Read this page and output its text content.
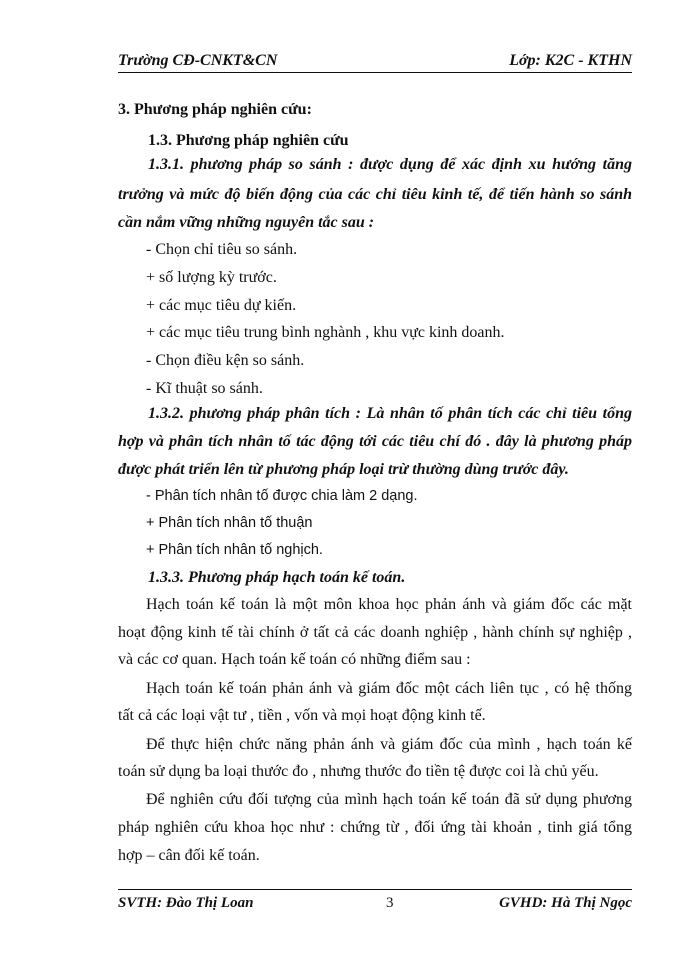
Trường CĐ-CNKT&CN	Lớp: K2C - KTHN
3. Phương pháp nghiên cứu:
1.3. Phương pháp nghiên cứu
1.3.1. phương pháp so sánh : được dụng để xác định xu hướng tăng
trưởng và mức độ biến động của các chỉ tiêu kinh tế, để tiến hành so sánh
cần nắm vững những nguyên tắc sau :
- Chọn chỉ tiêu so sánh.
+ số lượng kỳ trước.
+ các mục tiêu dự kiến.
+ các mục tiêu trung bình nghành , khu vực kinh doanh.
- Chọn điều kện so sánh.
- Kĩ thuật so sánh.
1.3.2. phương pháp phân tích : Là nhân tố phân tích các chỉ tiêu tổng
hợp và phân tích nhân tố tác động tới các tiêu chí đó . đây là phương pháp
được phát triển lên từ phương pháp loại trừ thường dùng trước đây.
- Phân tích nhân tố được chia làm 2 dạng.
+ Phân tích nhân tố thuận
+ Phân tích nhân tố nghịch.
1.3.3. Phương pháp hạch toán kế toán.
Hạch toán kế toán là một môn khoa học phản ánh và giám đốc các mặt
hoạt động kinh tế tài chính ở tất cả các doanh nghiệp , hành chính sự nghiệp ,
và các cơ quan. Hạch toán kế toán có những điểm sau :
Hạch toán kế toán phản ánh và giám đốc một cách liên tục , có hệ thống
tất cả các loại vật tư , tiền , vốn và mọi hoạt động kinh tế.
Để thực hiện chức năng phản ánh và giám đốc của mình , hạch toán kế
toán sử dụng ba loại thước đo , nhưng thước đo tiền tệ được coi là chủ yếu.
Để nghiên cứu đối tượng của mình hạch toán kế toán đã sử dụng phương
pháp nghiên cứu khoa học như : chứng từ , đối ứng tài khoản , tinh giá tổng
hợp – cân đối kế toán.
SVTH: Đào Thị Loan	3	GVHD: Hà Thị Ngọc
